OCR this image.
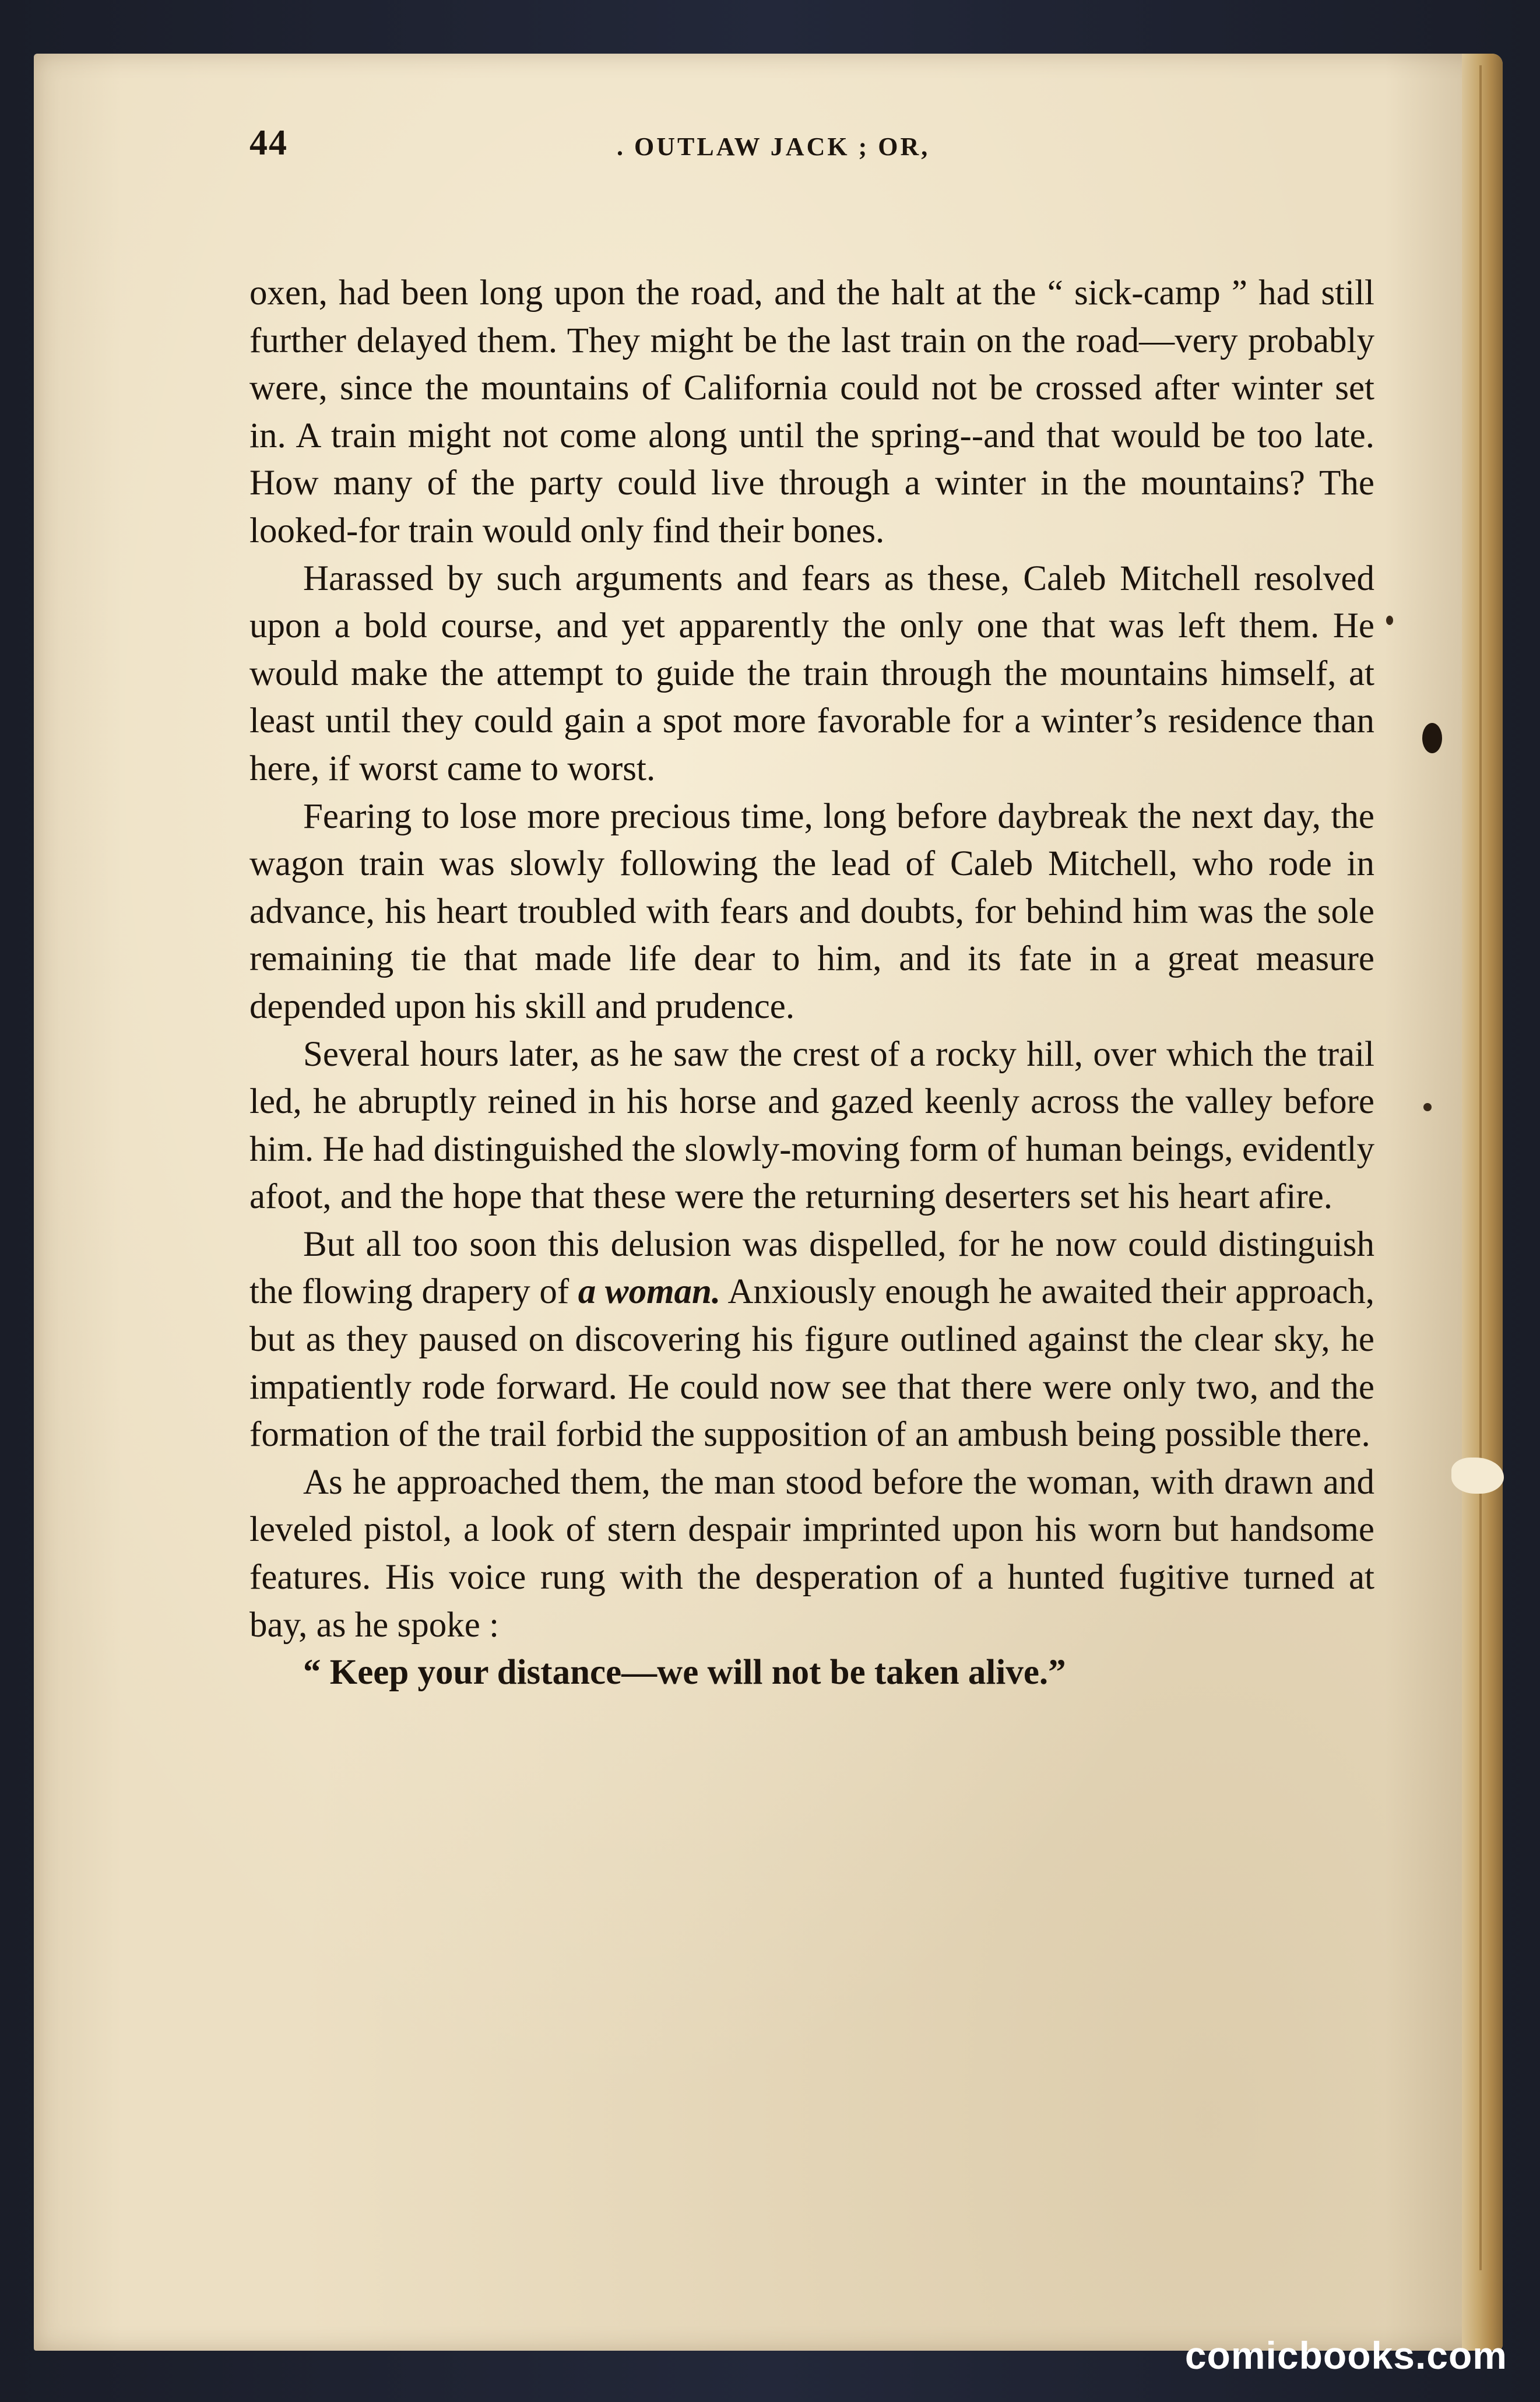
44	. OUTLAW JACK ; OR,

oxen, had been long upon the road, and the halt at the “ sick-camp ” had still further delayed them. They might be the last train on the road—very probably were, since the mountains of California could not be crossed after winter set in. A train might not come along until the spring--and that would be too late. How many of the party could live through a winter in the mountains? The looked-for train would only find their bones.

Harassed by such arguments and fears as these, Caleb Mitchell resolved upon a bold course, and yet apparently the only one that was left them. He would make the attempt to guide the train through the mountains himself, at least until they could gain a spot more favorable for a winter’s residence than here, if worst came to worst.

Fearing to lose more precious time, long before daybreak the next day, the wagon train was slowly following the lead of Caleb Mitchell, who rode in advance, his heart troubled with fears and doubts, for behind him was the sole remaining tie that made life dear to him, and its fate in a great measure depended upon his skill and prudence.

Several hours later, as he saw the crest of a rocky hill, over which the trail led, he abruptly reined in his horse and gazed keenly across the valley before him. He had distinguished the slowly-moving form of human beings, evidently afoot, and the hope that these were the returning deserters set his heart afire.

But all too soon this delusion was dispelled, for he now could distinguish the flowing drapery of a woman. Anxiously enough he awaited their approach, but as they paused on discovering his figure outlined against the clear sky, he impatiently rode forward. He could now see that there were only two, and the formation of the trail forbid the supposition of an ambush being possible there.

As he approached them, the man stood before the woman, with drawn and leveled pistol, a look of stern despair imprinted upon his worn but handsome features. His voice rung with the desperation of a hunted fugitive turned at bay, as he spoke :

“ Keep your distance—we will not be taken alive.”

comicbooks.com
